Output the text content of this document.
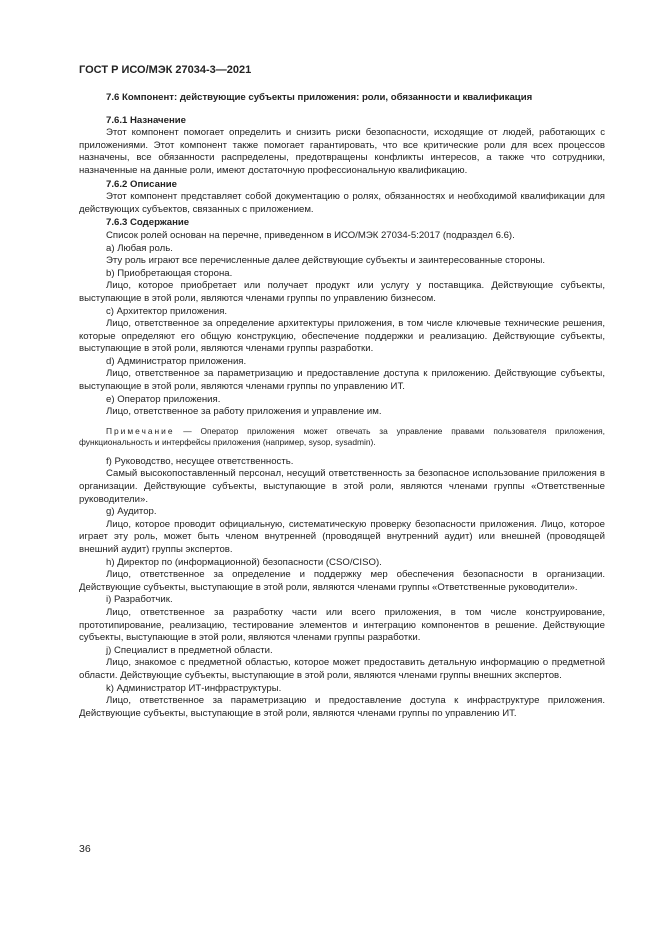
ГОСТ Р ИСО/МЭК 27034-3—2021
7.6 Компонент: действующие субъекты приложения: роли, обязанности и квалификация
7.6.1 Назначение

Этот компонент помогает определить и снизить риски безопасности, исходящие от людей, работающих с приложениями. Этот компонент также помогает гарантировать, что все критические роли для всех процессов назначены, все обязанности распределены, предотвращены конфликты интересов, а также что сотрудники, назначенные на данные роли, имеют достаточную профессиональную квалификацию.

7.6.2 Описание

Этот компонент представляет собой документацию о ролях, обязанностях и необходимой квалификации для действующих субъектов, связанных с приложением.

7.6.3 Содержание

Список ролей основан на перечне, приведенном в ИСО/МЭК 27034-5:2017 (подраздел 6.6).

a) Любая роль.

Эту роль играют все перечисленные далее действующие субъекты и заинтересованные стороны.

b) Приобретающая сторона.

Лицо, которое приобретает или получает продукт или услугу у поставщика. Действующие субъекты, выступающие в этой роли, являются членами группы по управлению бизнесом.

c) Архитектор приложения.

Лицо, ответственное за определение архитектуры приложения, в том числе ключевые технические решения, которые определяют его общую конструкцию, обеспечение поддержки и реализацию. Действующие субъекты, выступающие в этой роли, являются членами группы разработки.

d) Администратор приложения.

Лицо, ответственное за параметризацию и предоставление доступа к приложению. Действующие субъекты, выступающие в этой роли, являются членами группы по управлению ИТ.

e) Оператор приложения.

Лицо, ответственное за работу приложения и управление им.

Примечание — Оператор приложения может отвечать за управление правами пользователя приложения, функциональность и интерфейсы приложения (например, sysop, sysadmin).

f) Руководство, несущее ответственность.

Самый высокопоставленный персонал, несущий ответственность за безопасное использование приложения в организации. Действующие субъекты, выступающие в этой роли, являются членами группы «Ответственные руководители».

g) Аудитор.

Лицо, которое проводит официальную, систематическую проверку безопасности приложения. Лицо, которое играет эту роль, может быть членом внутренней (проводящей внутренний аудит) или внешней (проводящей внешний аудит) группы экспертов.

h) Директор по (информационной) безопасности (CSO/CISO).

Лицо, ответственное за определение и поддержку мер обеспечения безопасности в организации. Действующие субъекты, выступающие в этой роли, являются членами группы «Ответственные руководители».

i) Разработчик.

Лицо, ответственное за разработку части или всего приложения, в том числе конструирование, прототипирование, реализацию, тестирование элементов и интеграцию компонентов в решение. Действующие субъекты, выступающие в этой роли, являются членами группы разработки.

j) Специалист в предметной области.

Лицо, знакомое с предметной областью, которое может предоставить детальную информацию о предметной области. Действующие субъекты, выступающие в этой роли, являются членами группы внешних экспертов.

k) Администратор ИТ-инфраструктуры.

Лицо, ответственное за параметризацию и предоставление доступа к инфраструктуре приложения. Действующие субъекты, выступающие в этой роли, являются членами группы по управлению ИТ.

36
